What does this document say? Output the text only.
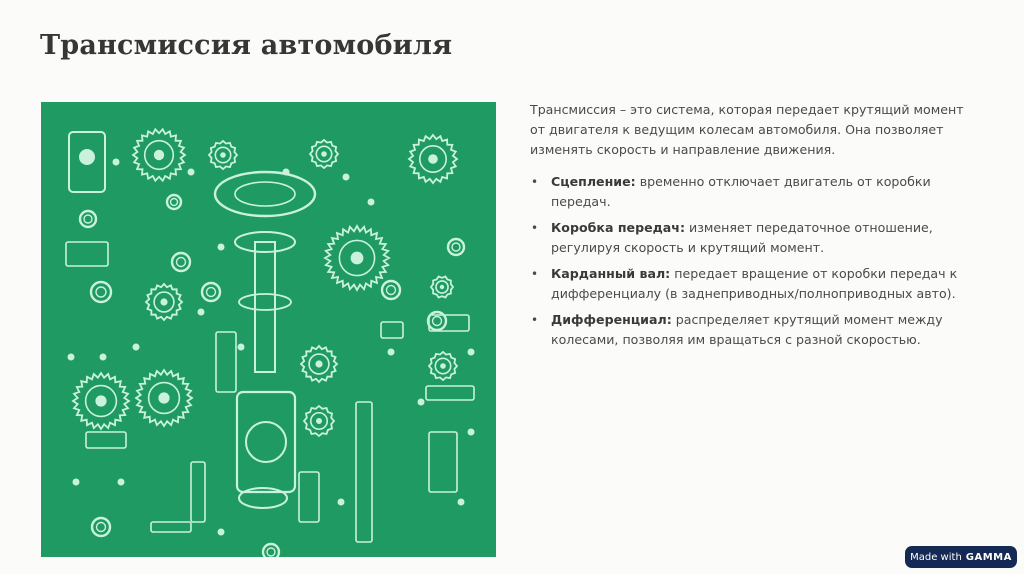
Трансмиссия автомобиля

Трансмиссия – это система, которая передает крутящий момент от двигателя к ведущим колесам автомобиля. Она позволяет изменять скорость и направление движения.

• Сцепление: временно отключает двигатель от коробки передач.
• Коробка передач: изменяет передаточное отношение, регулируя скорость и крутящий момент.
• Карданный вал: передает вращение от коробки передач к дифференциалу (в заднеприводных/полноприводных авто).
• Дифференциал: распределяет крутящий момент между колесами, позволяя им вращаться с разной скоростью.
Made with GAMMA
